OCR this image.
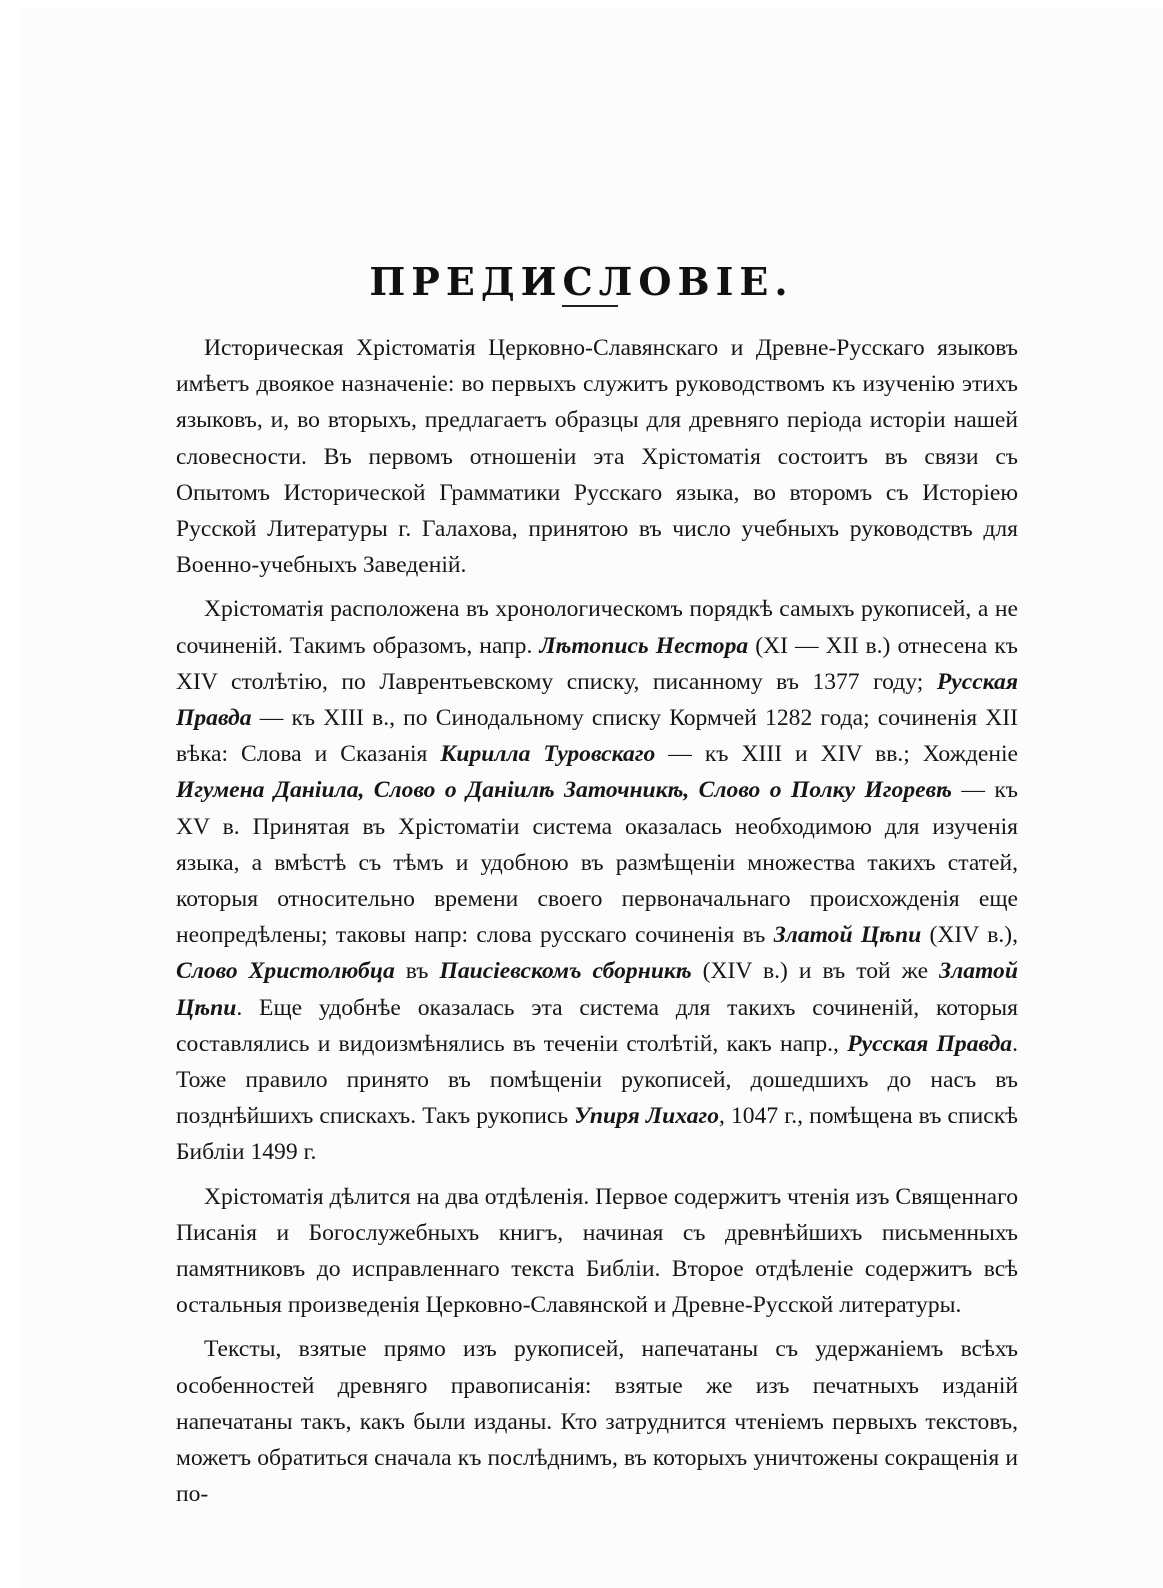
ПРЕДИСЛОВІЕ.

Историческая Хрістоматія Церковно-Славянскаго и Древне-Русскаго языковъ имѣетъ двоякое назначеніе: во первыхъ служитъ руководствомъ къ изученію этихъ языковъ, и, во вторыхъ, предлагаетъ образцы для древняго періода исторіи нашей словесности. Въ первомъ отношеніи эта Хрістоматія состоитъ въ связи съ Опытомъ Исторической Грамматики Русскаго языка, во второмъ съ Исторіею Русской Литературы г. Галахова, принятою въ число учебныхъ руководствъ для Военно-учебныхъ Заведеній.

Хрістоматія расположена въ хронологическомъ порядкѣ самыхъ рукописей, а не сочиненій. Такимъ образомъ, напр. Лѣтопись Нестора (XI — XII в.) отнесена къ XIV столѣтію, по Лаврентьевскому списку, писанному въ 1377 году; Русская Правда — къ XIII в., по Синодальному списку Кормчей 1282 года; сочиненія XII вѣка: Слова и Сказанія Кирилла Туровскаго — къ XIII и XIV вв.; Хожденіе Игумена Даніила, Слово о Даніилѣ Заточникѣ, Слово о Полку Игоревѣ — къ XV в. Принятая въ Хрістоматіи система оказалась необходимою для изученія языка, а вмѣстѣ съ тѣмъ и удобною въ размѣщеніи множества такихъ статей, которыя относительно времени своего первоначальнаго происхожденія еще неопредѣлены; таковы напр: слова русскаго сочиненія въ Златой Цѣпи (XIV в.), Слово Христолюбца въ Паисіевскомъ сборникѣ (XIV в.) и въ той же Златой Цѣпи. Еще удобнѣе оказалась эта система для такихъ сочиненій, которыя составлялись и видоизмѣнялись въ теченіи столѣтій, какъ напр., Русская Правда. Тоже правило принято въ помѣщеніи рукописей, дошедшихъ до насъ въ позднѣйшихъ спискахъ. Такъ рукопись Упиря Лихаго, 1047 г., помѣщена въ спискѣ Библіи 1499 г.

Хрістоматія дѣлится на два отдѣленія. Первое содержитъ чтенія изъ Священнаго Писанія и Богослужебныхъ книгъ, начиная съ древнѣйшихъ письменныхъ памятниковъ до исправленнаго текста Библіи. Второе отдѣленіе содержитъ всѣ остальныя произведенія Церковно-Славянской и Древне-Русской литературы.

Тексты, взятые прямо изъ рукописей, напечатаны съ удержаніемъ всѣхъ особенностей древняго правописанія: взятые же изъ печатныхъ изданій напечатаны такъ, какъ были изданы. Кто затруднится чтеніемъ первыхъ текстовъ, можетъ обратиться сначала къ послѣднимъ, въ которыхъ уничтожены сокращенія и по-
